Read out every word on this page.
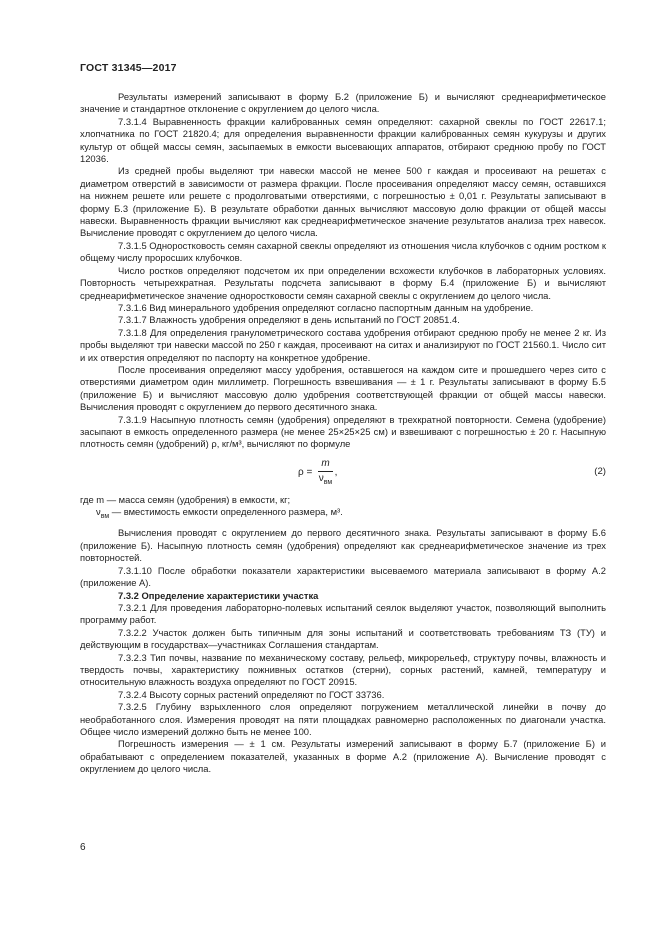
ГОСТ 31345—2017

Результаты измерений записывают в форму Б.2 (приложение Б) и вычисляют среднеарифметическое значение и стандартное отклонение с округлением до целого числа.

7.3.1.4 Выравненность фракции калиброванных семян определяют: сахарной свеклы по ГОСТ 22617.1; хлопчатника по ГОСТ 21820.4; для определения выравненности фракции калиброванных семян кукурузы и других культур от общей массы семян, засыпаемых в емкости высевающих аппаратов, отбирают среднюю пробу по ГОСТ 12036.

Из средней пробы выделяют три навески массой не менее 500 г каждая и просеивают на решетах с диаметром отверстий в зависимости от размера фракции. После просеивания определяют массу семян, оставшихся на нижнем решете или решете с продолговатыми отверстиями, с погрешностью ± 0,01 г. Результаты записывают в форму Б.3 (приложение Б). В результате обработки данных вычисляют массовую долю фракции от общей массы навески. Выравненность фракции вычисляют как среднеарифметическое значение результатов анализа трех навесок. Вычисление проводят с округлением до целого числа.

7.3.1.5 Одноростковость семян сахарной свеклы определяют из отношения числа клубочков с одним ростком к общему числу проросших клубочков.

Число ростков определяют подсчетом их при определении всхожести клубочков в лабораторных условиях. Повторность четырехкратная. Результаты подсчета записывают в форму Б.4 (приложение Б) и вычисляют среднеарифметическое значение одноростковости семян сахарной свеклы с округлением до целого числа.

7.3.1.6 Вид минерального удобрения определяют согласно паспортным данным на удобрение.

7.3.1.7 Влажность удобрения определяют в день испытаний по ГОСТ 20851.4.

7.3.1.8 Для определения гранулометрического состава удобрения отбирают среднюю пробу не менее 2 кг. Из пробы выделяют три навески массой по 250 г каждая, просеивают на ситах и анализируют по ГОСТ 21560.1. Число сит и их отверстия определяют по паспорту на конкретное удобрение.

После просеивания определяют массу удобрения, оставшегося на каждом сите и прошедшего через сито с отверстиями диаметром один миллиметр. Погрешность взвешивания — ± 1 г. Результаты записывают в форму Б.5 (приложение Б) и вычисляют массовую долю удобрения соответствующей фракции от общей массы навески. Вычисления проводят с округлением до первого десятичного знака.

7.3.1.9 Насыпную плотность семян (удобрения) определяют в трехкратной повторности. Семена (удобрение) засыпают в емкость определенного размера (не менее 25×25×25 см) и взвешивают с погрешностью ± 20 г. Насыпную плотность семян (удобрений) ρ, кг/м³, вычисляют по формуле

$\rho = \frac{m}{\nu_{вм}}$ ,	(2)

где m — масса семян (удобрения) в емкости, кг;

$\nu_{вм}$ — вместимость емкости определенного размера, м³.

Вычисления проводят с округлением до первого десятичного знака. Результаты записывают в форму Б.6 (приложение Б). Насыпную плотность семян (удобрения) определяют как среднеарифметическое значение из трех повторностей.

7.3.1.10 После обработки показатели характеристики высеваемого материала записывают в форму А.2 (приложение А).

7.3.2 Определение характеристики участка

7.3.2.1 Для проведения лабораторно-полевых испытаний сеялок выделяют участок, позволяющий выполнить программу работ.

7.3.2.2 Участок должен быть типичным для зоны испытаний и соответствовать требованиям ТЗ (ТУ) и действующим в государствах—участниках Соглашения стандартам.

7.3.2.3 Тип почвы, название по механическому составу, рельеф, микрорельеф, структуру почвы, влажность и твердость почвы, характеристику пожнивных остатков (стерни), сорных растений, камней, температуру и относительную влажность воздуха определяют по ГОСТ 20915.

7.3.2.4 Высоту сорных растений определяют по ГОСТ 33736.

7.3.2.5 Глубину взрыхленного слоя определяют погружением металлической линейки в почву до необработанного слоя. Измерения проводят на пяти площадках равномерно расположенных по диагонали участка. Общее число измерений должно быть не менее 100.

Погрешность измерения — ± 1 см. Результаты измерений записывают в форму Б.7 (приложение Б) и обрабатывают с определением показателей, указанных в форме А.2 (приложение А). Вычисление проводят с округлением до целого числа.

6
